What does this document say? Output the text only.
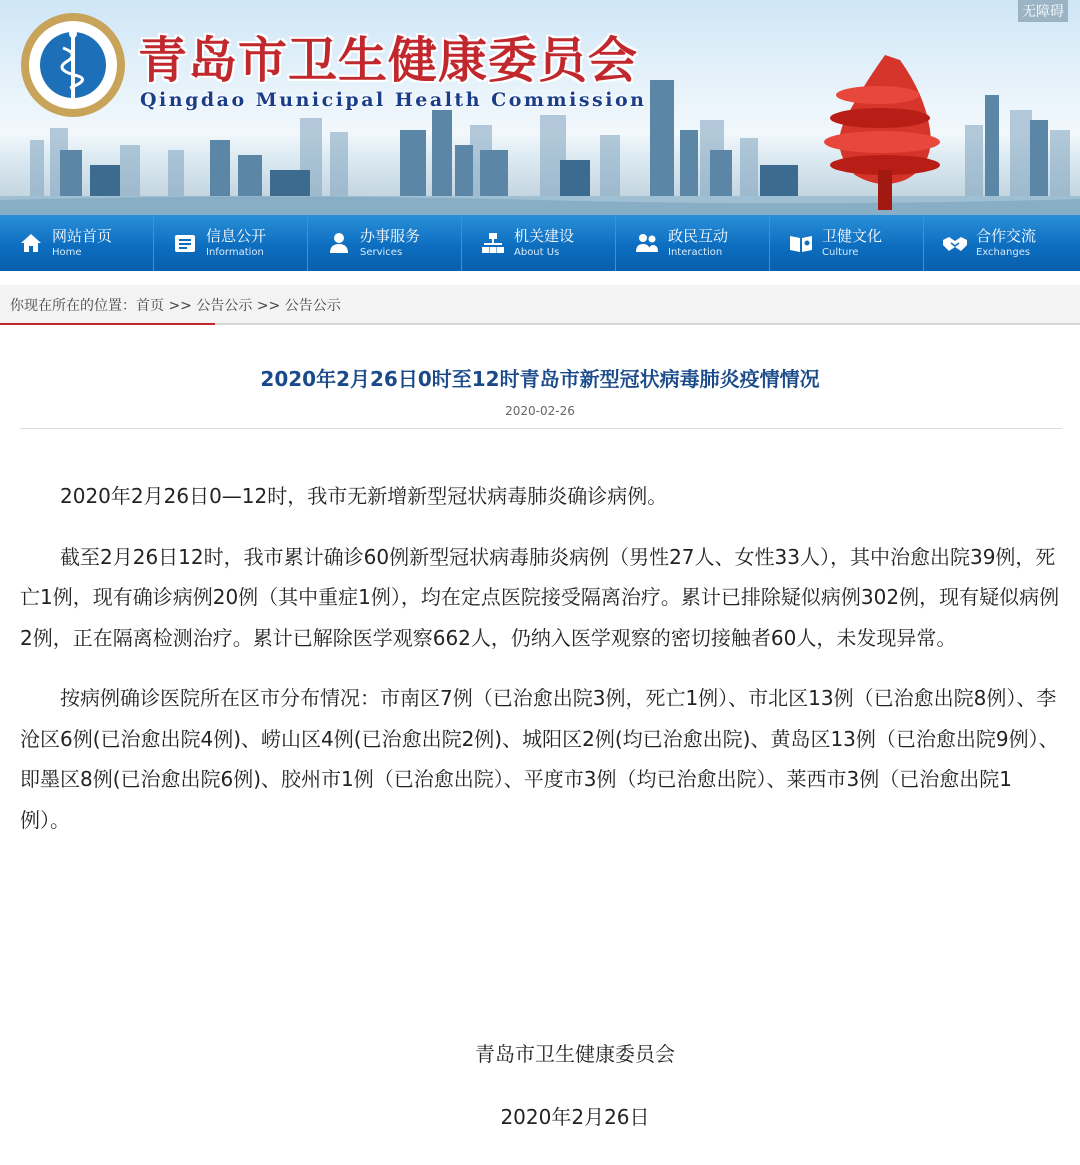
无障碍
青岛市卫生健康委员会
Qingdao Municipal Health Commission
网站首页
Home
信息公开
Information
办事服务
Services
机关建设
About Us
政民互动
Interaction
卫健文化
Culture
合作交流
Exchanges
你现在所在的位置：首页 >> 公告公示 >> 公告公示
2020年2月26日0时至12时青岛市新型冠状病毒肺炎疫情情况
2020-02-26

2020年2月26日0—12时，我市无新增新型冠状病毒肺炎确诊病例。

截至2月26日12时，我市累计确诊60例新型冠状病毒肺炎病例（男性27人、女性33人），其中治愈出院39例，死亡1例，现有确诊病例20例（其中重症1例），均在定点医院接受隔离治疗。累计已排除疑似病例302例，现有疑似病例2例，正在隔离检测治疗。累计已解除医学观察662人，仍纳入医学观察的密切接触者60人，未发现异常。

按病例确诊医院所在区市分布情况：市南区7例（已治愈出院3例，死亡1例）、市北区13例（已治愈出院8例）、李沧区6例(已治愈出院4例)、崂山区4例(已治愈出院2例)、城阳区2例(均已治愈出院)、黄岛区13例（已治愈出院9例）、即墨区8例(已治愈出院6例)、胶州市1例（已治愈出院）、平度市3例（均已治愈出院）、莱西市3例（已治愈出院1例）。

青岛市卫生健康委员会
2020年2月26日
